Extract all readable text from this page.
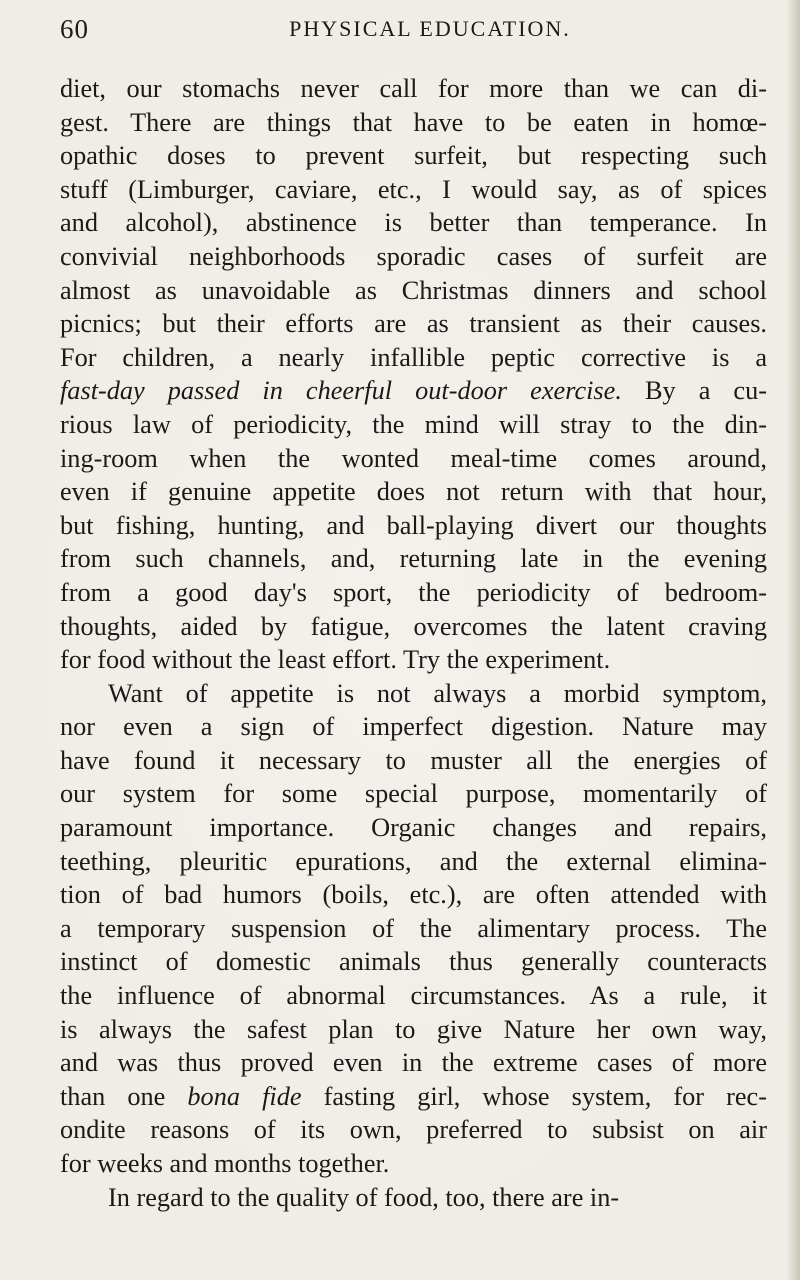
60	PHYSICAL EDUCATION.
diet, our stomachs never call for more than we can di-
gest. There are things that have to be eaten in homœ-
opathic doses to prevent surfeit, but respecting such
stuff (Limburger, caviare, etc., I would say, as of spices
and alcohol), abstinence is better than temperance. In
convivial neighborhoods sporadic cases of surfeit are
almost as unavoidable as Christmas dinners and school
picnics; but their efforts are as transient as their causes.
For children, a nearly infallible peptic corrective is a
fast-day passed in cheerful out-door exercise. By a cu-
rious law of periodicity, the mind will stray to the din-
ing-room when the wonted meal-time comes around,
even if genuine appetite does not return with that hour,
but fishing, hunting, and ball-playing divert our thoughts
from such channels, and, returning late in the evening
from a good day's sport, the periodicity of bedroom-
thoughts, aided by fatigue, overcomes the latent craving
for food without the least effort. Try the experiment.
Want of appetite is not always a morbid symptom,
nor even a sign of imperfect digestion. Nature may
have found it necessary to muster all the energies of
our system for some special purpose, momentarily of
paramount importance. Organic changes and repairs,
teething, pleuritic epurations, and the external elimina-
tion of bad humors (boils, etc.), are often attended with
a temporary suspension of the alimentary process. The
instinct of domestic animals thus generally counteracts
the influence of abnormal circumstances. As a rule, it
is always the safest plan to give Nature her own way,
and was thus proved even in the extreme cases of more
than one bona fide fasting girl, whose system, for rec-
ondite reasons of its own, preferred to subsist on air
for weeks and months together.
In regard to the quality of food, too, there are in-
